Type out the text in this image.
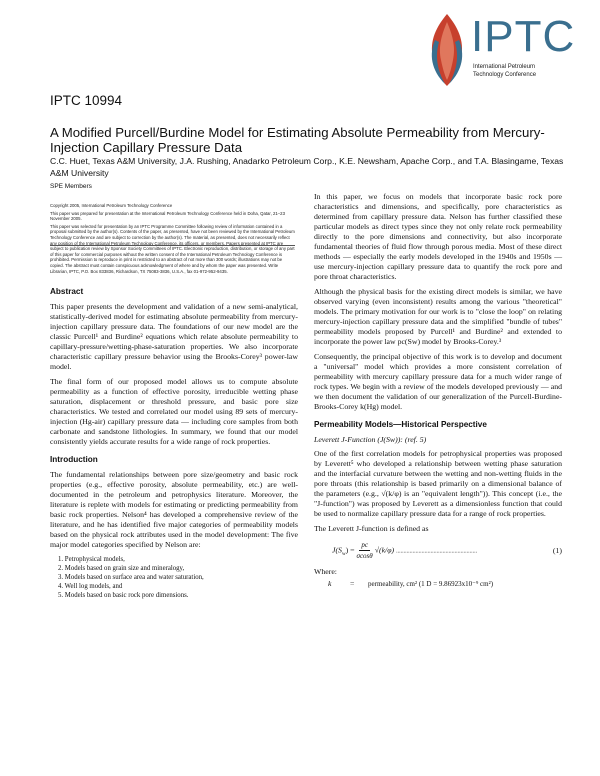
IPTC
International Petroleum
Technology Conference
IPTC 10994
A Modified Purcell/Burdine Model for Estimating Absolute Permeability from Mercury-Injection Capillary Pressure Data
C.C. Huet, Texas A&M University, J.A. Rushing, Anadarko Petroleum Corp., K.E. Newsham, Apache Corp., and T.A. Blasingame, Texas A&M University
SPE Members

Copyright 2005, International Petroleum Technology Conference

This paper was prepared for presentation at the International Petroleum Technology Conference held in Doha, Qatar, 21–23 November 2005.

This paper was selected for presentation by an IPTC Programme Committee following review of information contained in a proposal submitted by the author(s). Contents of the paper, as presented, have not been reviewed by the International Petroleum Technology Conference and are subject to correction by the author(s). The material, as presented, does not necessarily reflect any position of the International Petroleum Technology Conference, its officers, or members. Papers presented at IPTC are subject to publication review by Sponsor Society Committees of IPTC. Electronic reproduction, distribution, or storage of any part of this paper for commercial purposes without the written consent of the International Petroleum Technology Conference is prohibited. Permission to reproduce in print is restricted to an abstract of not more than 300 words; illustrations may not be copied. The abstract must contain conspicuous acknowledgment of where and by whom the paper was presented. Write Librarian, IPTC, P.O. Box 833836, Richardson, TX 75083-3836, U.S.A., fax 01-972-952-9435.

Abstract

This paper presents the development and validation of a new semi-analytical, statistically-derived model for estimating absolute permeability from mercury-injection capillary pressure data. The foundations of our new model are the classic Purcell¹ and Burdine² equations which relate absolute permeability to capillary-pressure/wetting-phase-saturation properties. We also incorporate characteristic capillary pressure behavior using the Brooks-Corey³ power-law model.

The final form of our proposed model allows us to compute absolute permeability as a function of effective porosity, irreducible wetting phase saturation, displacement or threshold pressure, and basic pore size characteristics. We tested and correlated our model using 89 sets of mercury-injection (Hg-air) capillary pressure data — including core samples from both carbonate and sandstone lithologies. In summary, we found that our model consistently yields accurate results for a wide range of rock properties.

Introduction

The fundamental relationships between pore size/geometry and basic rock properties (e.g., effective porosity, absolute permeability, etc.) are well-documented in the petroleum and petrophysics literature. Moreover, the literature is replete with models for estimating or predicting permeability from basic rock properties. Nelson⁴ has developed a comprehensive review of the literature, and he has identified five major categories of permeability models based on the physical rock attributes used in the model development: The five major model categories specified by Nelson are:

1. Petrophysical models,
2. Models based on grain size and mineralogy,
3. Models based on surface area and water saturation,
4. Well log models, and
5. Models based on basic rock pore dimensions.

In this paper, we focus on models that incorporate basic rock pore characteristics and dimensions, and specifically, pore characteristics as determined from capillary pressure data. Nelson has further classified these particular models as direct types since they not only relate rock permeability directly to the pore dimensions and connectivity, but also incorporate fundamental theories of fluid flow through porous media. Most of these direct methods — especially the early models developed in the 1940s and 1950s — use mercury-injection capillary pressure data to quantify the rock pore and pore throat characteristics.

Although the physical basis for the existing direct models is similar, we have observed varying (even inconsistent) results among the various "theoretical" models. The primary motivation for our work is to "close the loop" on relating mercury-injection capillary pressure data and the simplified "bundle of tubes" permeability models proposed by Purcell¹ and Burdine² and extended to incorporate the power law pc(Sw) model by Brooks-Corey.³

Consequently, the principal objective of this work is to develop and document a "universal" model which provides a more consistent correlation of permeability with mercury capillary pressure data for a much wider range of rock types. We begin with a review of the models developed previously — and we then document the validation of our generalization of the Purcell-Burdine-Brooks-Corey k(Hg) model.

Permeability Models—Historical Perspective
Leverett J-Function (J(Sw)): (ref. 5)

One of the first correlation models for petrophysical properties was proposed by Leverett⁵ who developed a relationship between wetting phase saturation and the interfacial curvature between the wetting and non-wetting fluids in the pore throats (this relationship is based primarily on a dimensional balance of the parameters (e.g., √(k/φ) is an "equivalent length")). This concept (i.e., the "J-function") was proposed by Leverett as a dimensionless function that could be used to normalize capillary pressure data for a range of rock properties.

The Leverett J-function is defined as

$J(S_w) = \frac{pc}{\sigma\cos\theta} √(k/\varphi)$ ......................................................	(1)
Where:
k	=	permeability, cm² (1 D = 9.86923x10⁻⁹ cm²)
